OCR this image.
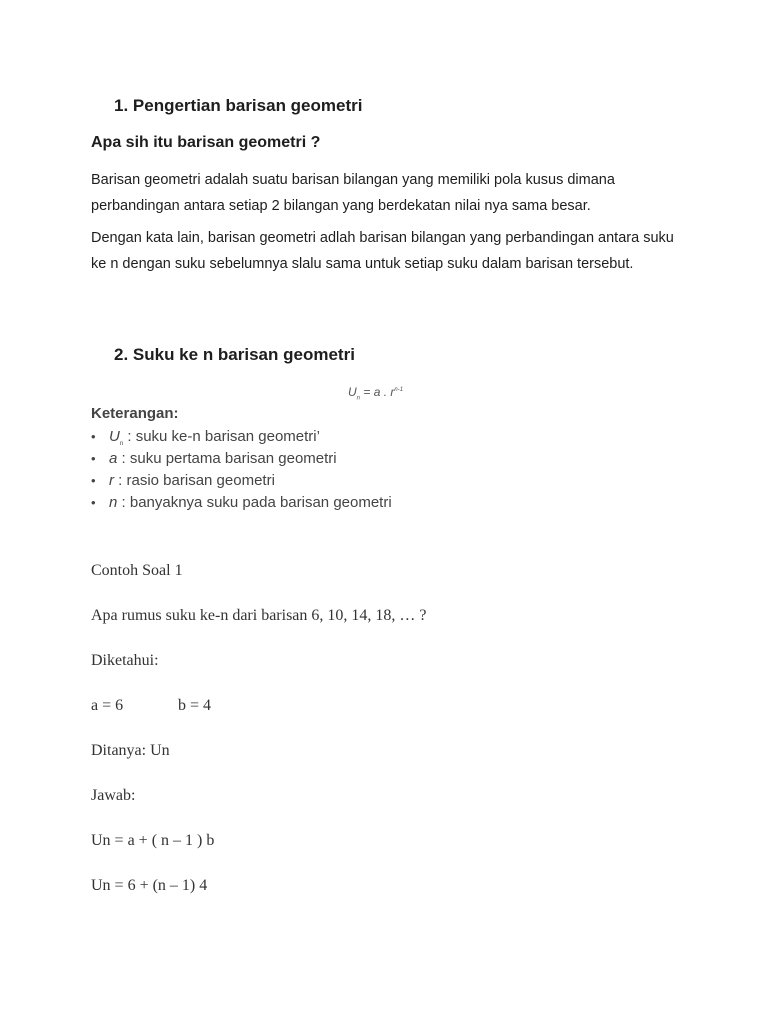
1. Pengertian barisan geometri
Apa sih itu barisan geometri ?
Barisan geometri adalah suatu barisan bilangan yang memiliki pola kusus dimana perbandingan antara setiap 2 bilangan yang berdekatan nilai nya sama besar.
Dengan kata lain, barisan geometri adlah barisan bilangan yang perbandingan antara suku ke n dengan suku sebelumnya slalu sama untuk setiap suku dalam barisan tersebut.
2. Suku ke n barisan geometri
$U_n = a$ . $r^{n-1}$
Keterangan:
• $U_n$ : suku ke-n barisan geometri’
• a : suku pertama barisan geometri
• r : rasio barisan geometri
• n : banyaknya suku pada barisan geometri
Contoh Soal 1
Apa rumus suku ke-n dari barisan 6, 10, 14, 18, … ?
Diketahui:
a = 6	b = 4
Ditanya: Un
Jawab:
Un = a + ( n – 1 ) b
Un = 6 + (n – 1) 4
